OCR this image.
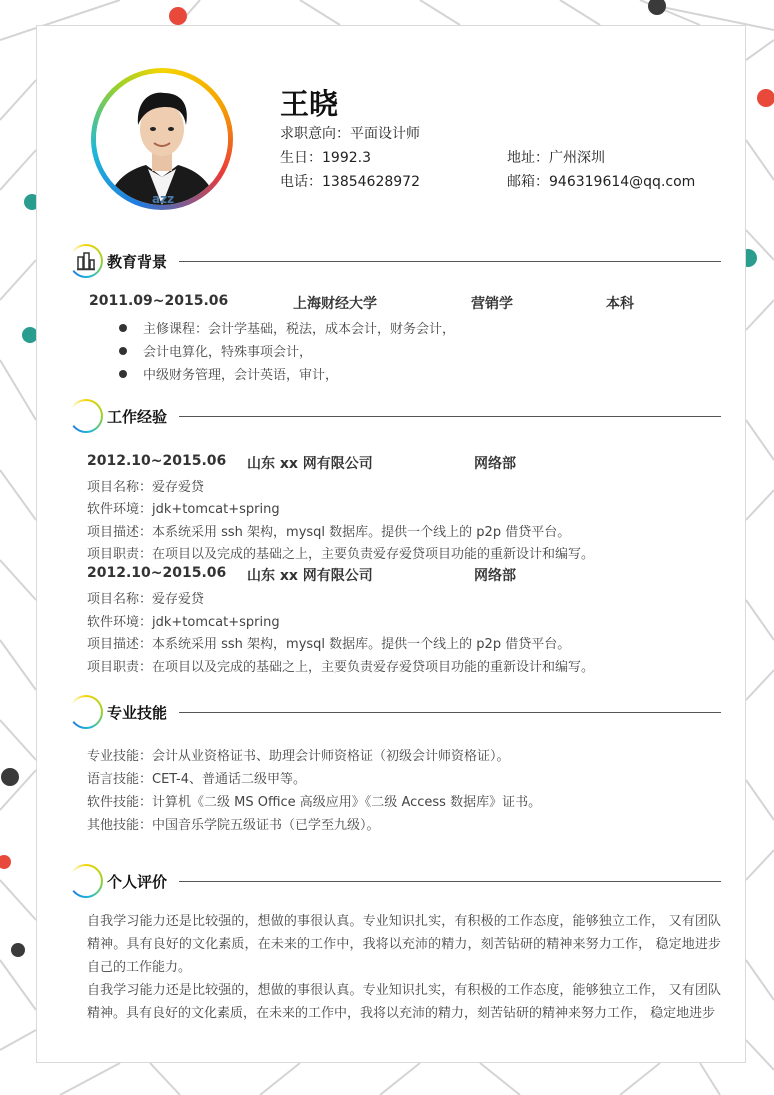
azz
王晓
求职意向：平面设计师
生日：1992.3	地址：广州深圳
电话：13854628972	邮箱：946319614@qq.com
教育背景
2011.09~2015.06	上海财经大学	营销学	本科
主修课程：会计学基础，税法，成本会计，财务会计，
会计电算化，特殊事项会计，
中级财务管理，会计英语，审计，
工作经验
2012.10~2015.06 山东 xx 网有限公司	网络部
项目名称：爱存爱贷
软件环境：jdk+tomcat+spring
项目描述：本系统采用 ssh 架构，mysql 数据库。提供一个线上的 p2p 借贷平台。
项目职责：在项目以及完成的基础之上，主要负责爱存爱贷项目功能的重新设计和编写。
2012.10~2015.06 山东 xx 网有限公司	网络部
项目名称：爱存爱贷
软件环境：jdk+tomcat+spring
项目描述：本系统采用 ssh 架构，mysql 数据库。提供一个线上的 p2p 借贷平台。
项目职责：在项目以及完成的基础之上，主要负责爱存爱贷项目功能的重新设计和编写。
专业技能
专业技能：会计从业资格证书、助理会计师资格证（初级会计师资格证）。
语言技能：CET-4、普通话二级甲等。
软件技能：计算机《二级 MS Office 高级应用》《二级 Access 数据库》证书。
其他技能：中国音乐学院五级证书（已学至九级）。
个人评价

自我学习能力还是比较强的，想做的事很认真。专业知识扎实，有积极的工作态度，能够独立工作， 又有团队精神。具有良好的文化素质，在未来的工作中，我将以充沛的精力，刻苦钻研的精神来努力工作， 稳定地进步自己的工作能力。

自我学习能力还是比较强的，想做的事很认真。专业知识扎实，有积极的工作态度，能够独立工作， 又有团队精神。具有良好的文化素质，在未来的工作中，我将以充沛的精力，刻苦钻研的精神来努力工作， 稳定地进步
